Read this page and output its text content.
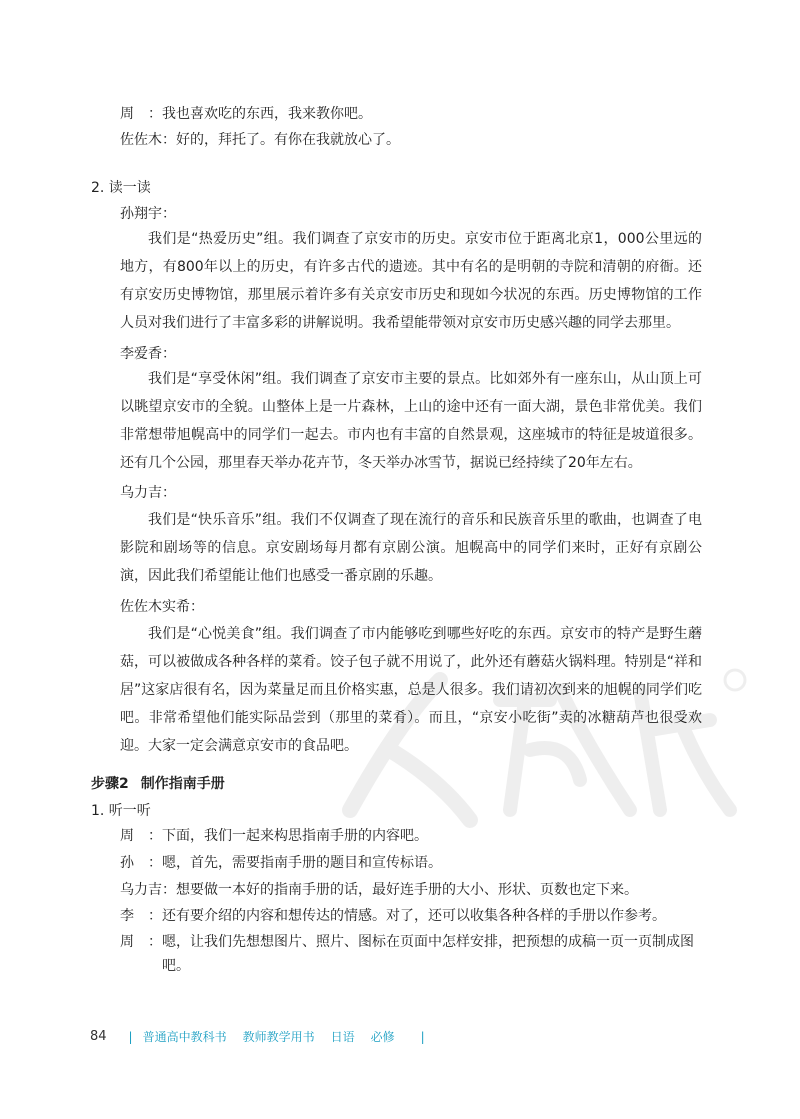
周　： 我也喜欢吃的东西，我来教你吧。
佐佐木： 好的，拜托了。有你在我就放心了。
2. 读一读
孙翔宇：
我们是“热爱历史”组。我们调查了京安市的历史。京安市位于距离北京1，000公里远的地方，有800年以上的历史，有许多古代的遗迹。其中有名的是明朝的寺院和清朝的府衙。还有京安历史博物馆，那里展示着许多有关京安市历史和现如今状况的东西。历史博物馆的工作人员对我们进行了丰富多彩的讲解说明。我希望能带领对京安市历史感兴趣的同学去那里。
李爱香：
我们是“享受休闲”组。我们调查了京安市主要的景点。比如郊外有一座东山，从山顶上可以眺望京安市的全貌。山整体上是一片森林，上山的途中还有一面大湖，景色非常优美。我们非常想带旭幌高中的同学们一起去。市内也有丰富的自然景观，这座城市的特征是坡道很多。还有几个公园，那里春天举办花卉节，冬天举办冰雪节，据说已经持续了20年左右。
乌力吉：
我们是“快乐音乐”组。我们不仅调查了现在流行的音乐和民族音乐里的歌曲，也调查了电影院和剧场等的信息。京安剧场每月都有京剧公演。旭幌高中的同学们来时，正好有京剧公演，因此我们希望能让他们也感受一番京剧的乐趣。
佐佐木实希：
我们是“心悦美食”组。我们调查了市内能够吃到哪些好吃的东西。京安市的特产是野生蘑菇，可以被做成各种各样的菜肴。饺子包子就不用说了，此外还有蘑菇火锅料理。特别是“祥和居”这家店很有名，因为菜量足而且价格实惠，总是人很多。我们请初次到来的旭幌的同学们吃吧。非常希望他们能实际品尝到（那里的菜肴）。而且，“京安小吃街”卖的冰糖葫芦也很受欢迎。大家一定会满意京安市的食品吧。
步骤2 制作指南手册
1. 听一听
周　： 下面，我们一起来构思指南手册的内容吧。
孙　： 嗯，首先，需要指南手册的题目和宣传标语。
乌力吉： 想要做一本好的指南手册的话，最好连手册的大小、形状、页数也定下来。
李　： 还有要介绍的内容和想传达的情感。对了，还可以收集各种各样的手册以作参考。
周　： 嗯，让我们先想想图片、照片、图标在页面中怎样安排，把预想的成稿一页一页制成图吧。
84 | 普通高中教科书 教师教学用书 日语 必修 |
